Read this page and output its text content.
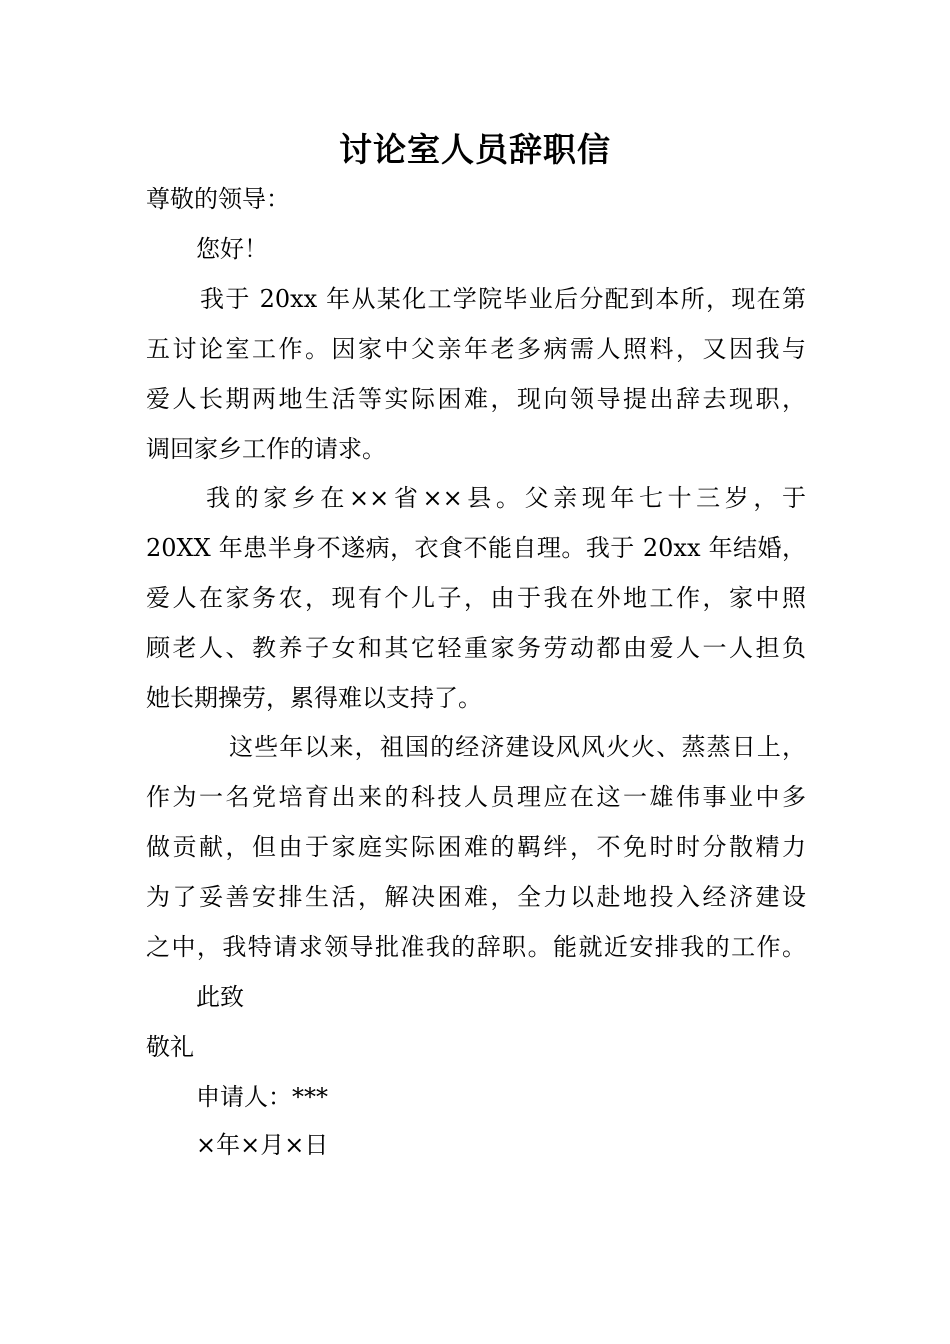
讨论室人员辞职信
尊敬的领导：
您好！
我于 20xx 年从某化工学院毕业后分配到本所，现在第
五讨论室工作。因家中父亲年老多病需人照料，又因我与
爱人长期两地生活等实际困难，现向领导提出辞去现职，
调回家乡工作的请求。
我的家乡在××省××县。父亲现年七十三岁，于
20XX 年患半身不遂病，衣食不能自理。我于 20xx 年结婚，
爱人在家务农，现有个儿子，由于我在外地工作，家中照
顾老人、教养子女和其它轻重家务劳动都由爱人一人担负
她长期操劳，累得难以支持了。
这些年以来，祖国的经济建设风风火火、蒸蒸日上，
作为一名党培育出来的科技人员理应在这一雄伟事业中多
做贡献，但由于家庭实际困难的羁绊，不免时时分散精力
为了妥善安排生活，解决困难，全力以赴地投入经济建设
之中，我特请求领导批准我的辞职。能就近安排我的工作。
此致
敬礼
申请人：***
×年×月×日
